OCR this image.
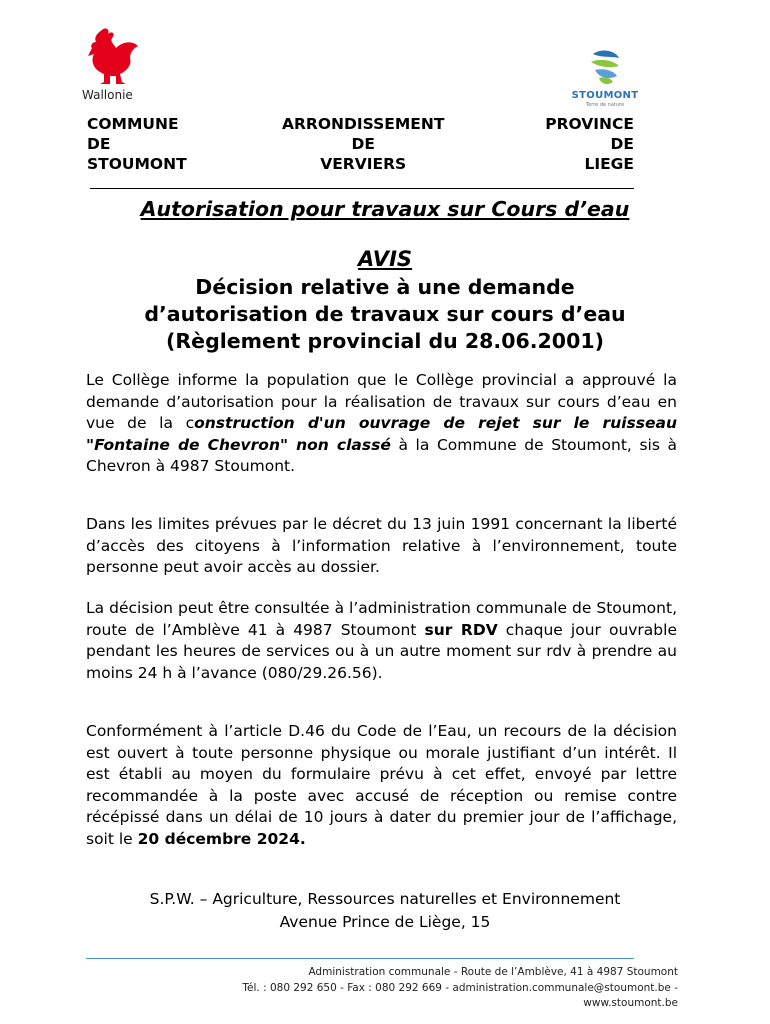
Wallonie	STOUMONT
Terre de nature
COMMUNE
DE
STOUMONT
ARRONDISSEMENT
DE
VERVIERS
PROVINCE
DE
LIEGE
Autorisation pour travaux sur Cours d’eau
AVIS
Décision relative à une demande
d’autorisation de travaux sur cours d’eau
(Règlement provincial du 28.06.2001)
Le Collège informe la population que le Collège provincial a approuvé la demande d’autorisation pour la réalisation de travaux sur cours d’eau en vue de la construction d'un ouvrage de rejet sur le ruisseau "Fontaine de Chevron" non classé à la Commune de Stoumont, sis à Chevron à 4987 Stoumont.
Dans les limites prévues par le décret du 13 juin 1991 concernant la liberté d’accès des citoyens à l’information relative à l’environnement, toute personne peut avoir accès au dossier.
La décision peut être consultée à l’administration communale de Stoumont, route de l’Amblève 41 à 4987 Stoumont sur RDV chaque jour ouvrable pendant les heures de services ou à un autre moment sur rdv à prendre au moins 24 h à l’avance (080/29.26.56).
Conformément à l’article D.46 du Code de l’Eau, un recours de la décision est ouvert à toute personne physique ou morale justifiant d’un intérêt. Il est établi au moyen du formulaire prévu à cet effet, envoyé par lettre recommandée à la poste avec accusé de réception ou remise contre récépissé dans un délai de 10 jours à dater du premier jour de l’affichage, soit le 20 décembre 2024.
S.P.W. – Agriculture, Ressources naturelles et Environnement
Avenue Prince de Liège, 15
Administration communale - Route de l’Amblève, 41 à 4987 Stoumont
Tél. : 080 292 650 - Fax : 080 292 669 - administration.communale@stoumont.be -
www.stoumont.be
